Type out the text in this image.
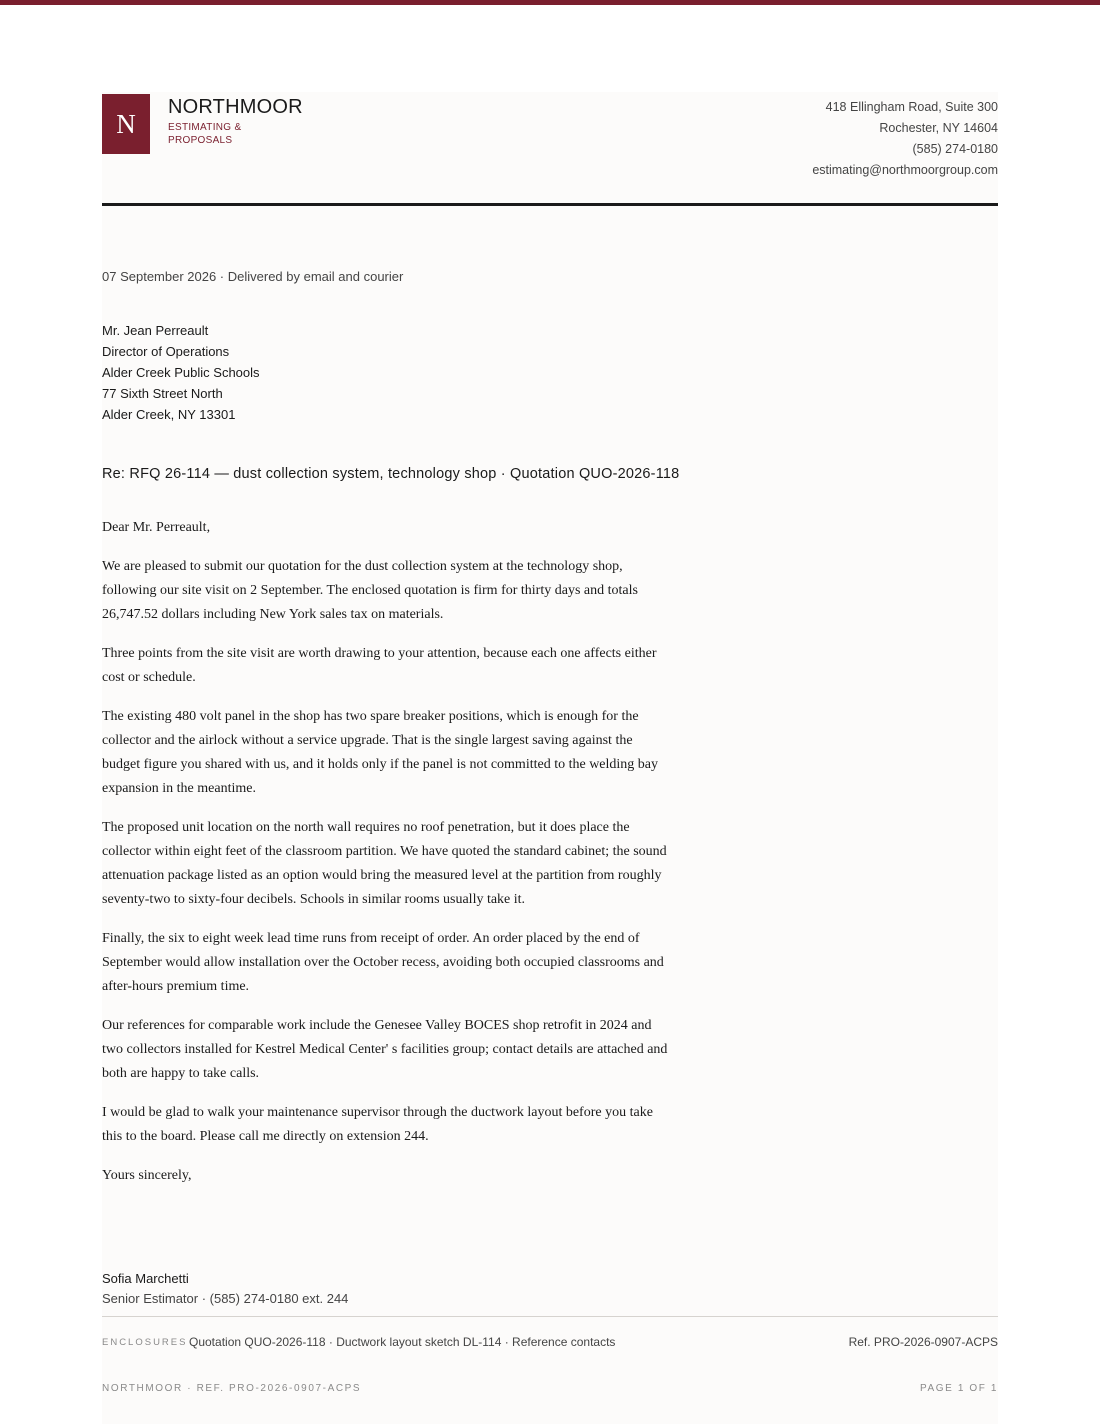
N
NORTHMOOR
ESTIMATING & PROPOSALS
418 Ellingham Road, Suite 300
Rochester, NY 14604
(585) 274-0180
estimating@northmoorgroup.com
07 September 2026 · Delivered by email and courier
Mr. Jean Perreault
Director of Operations
Alder Creek Public Schools
77 Sixth Street North
Alder Creek, NY 13301
Re: RFQ 26-114 — dust collection system, technology shop · Quotation QUO-2026-118

Dear Mr. Perreault,

We are pleased to submit our quotation for the dust collection system at the technology shop, following our site visit on 2 September. The enclosed quotation is firm for thirty days and totals 26,747.52 dollars including New York sales tax on materials.

Three points from the site visit are worth drawing to your attention, because each one affects either cost or schedule.

The existing 480 volt panel in the shop has two spare breaker positions, which is enough for the collector and the airlock without a service upgrade. That is the single largest saving against the budget figure you shared with us, and it holds only if the panel is not committed to the welding bay expansion in the meantime.

The proposed unit location on the north wall requires no roof penetration, but it does place the collector within eight feet of the classroom partition. We have quoted the standard cabinet; the sound attenuation package listed as an option would bring the measured level at the partition from roughly seventy-two to sixty-four decibels. Schools in similar rooms usually take it.

Finally, the six to eight week lead time runs from receipt of order. An order placed by the end of September would allow installation over the October recess, avoiding both occupied classrooms and after-hours premium time.

Our references for comparable work include the Genesee Valley BOCES shop retrofit in 2024 and two collectors installed for Kestrel Medical Center' s facilities group; contact details are attached and both are happy to take calls.

I would be glad to walk your maintenance supervisor through the ductwork layout before you take this to the board. Please call me directly on extension 244.

Yours sincerely,

Sofia Marchetti
Senior Estimator · (585) 274-0180 ext. 244
ENCLOSURES Quotation QUO-2026-118 · Ductwork layout sketch DL-114 · Reference contacts	Ref. PRO-2026-0907-ACPS
NORTHMOOR · REF. PRO-2026-0907-ACPS	PAGE 1 OF 1
